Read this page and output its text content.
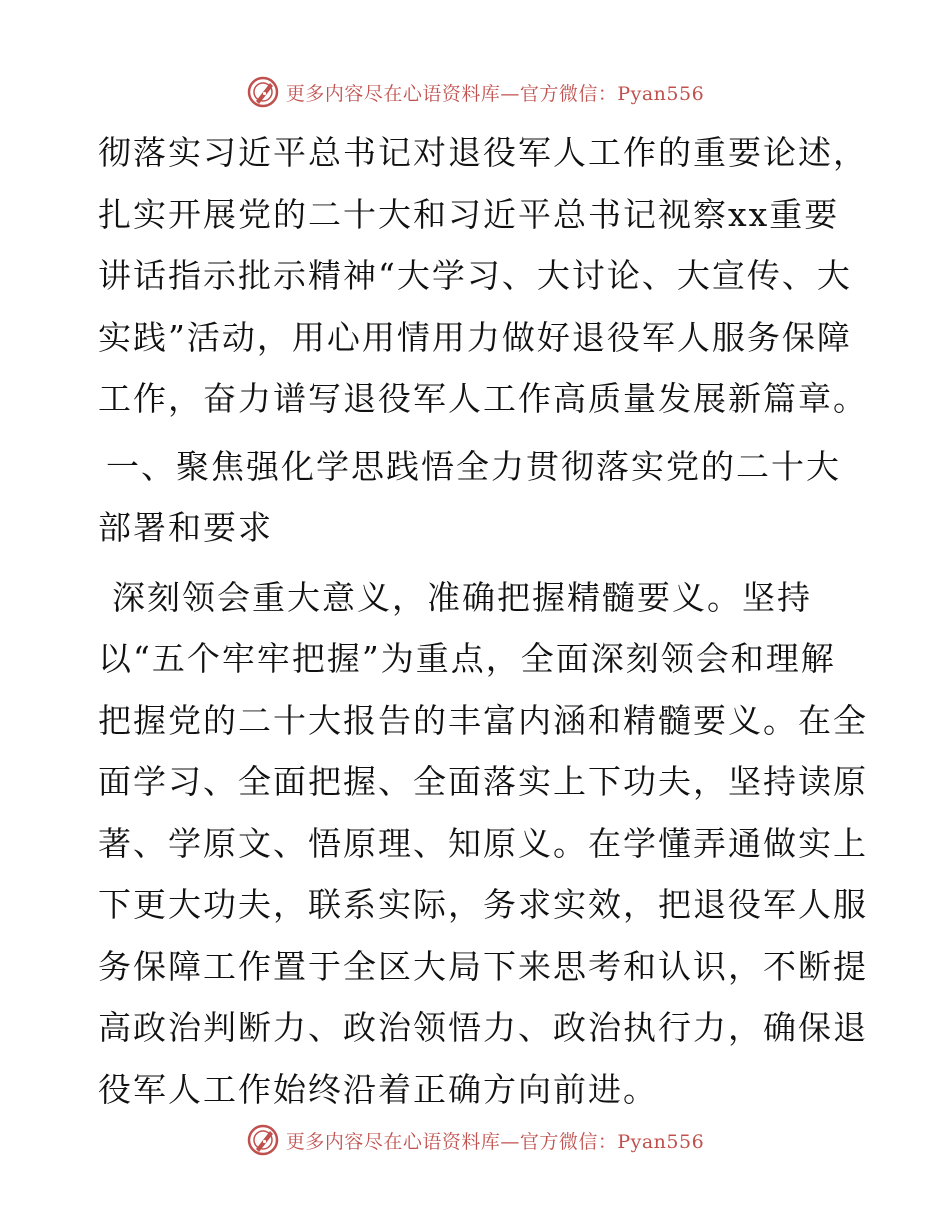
更多内容尽在心语资料库—官方微信：Pyan556
彻落实习近平总书记对退役军人工作的重要论述，
扎实开展党的二十大和习近平总书记视察xx重要
讲话指示批示精神“大学习、大讨论、大宣传、大
实践”活动，用心用情用力做好退役军人服务保障
工作，奋力谱写退役军人工作高质量发展新篇章。
一、聚焦强化学思践悟全力贯彻落实党的二十大
部署和要求
深刻领会重大意义，准确把握精髓要义。坚持
以“五个牢牢把握”为重点，全面深刻领会和理解
把握党的二十大报告的丰富内涵和精髓要义。在全
面学习、全面把握、全面落实上下功夫，坚持读原
著、学原文、悟原理、知原义。在学懂弄通做实上
下更大功夫，联系实际，务求实效，把退役军人服
务保障工作置于全区大局下来思考和认识，不断提
高政治判断力、政治领悟力、政治执行力，确保退
役军人工作始终沿着正确方向前进。
更多内容尽在心语资料库—官方微信：Pyan556
